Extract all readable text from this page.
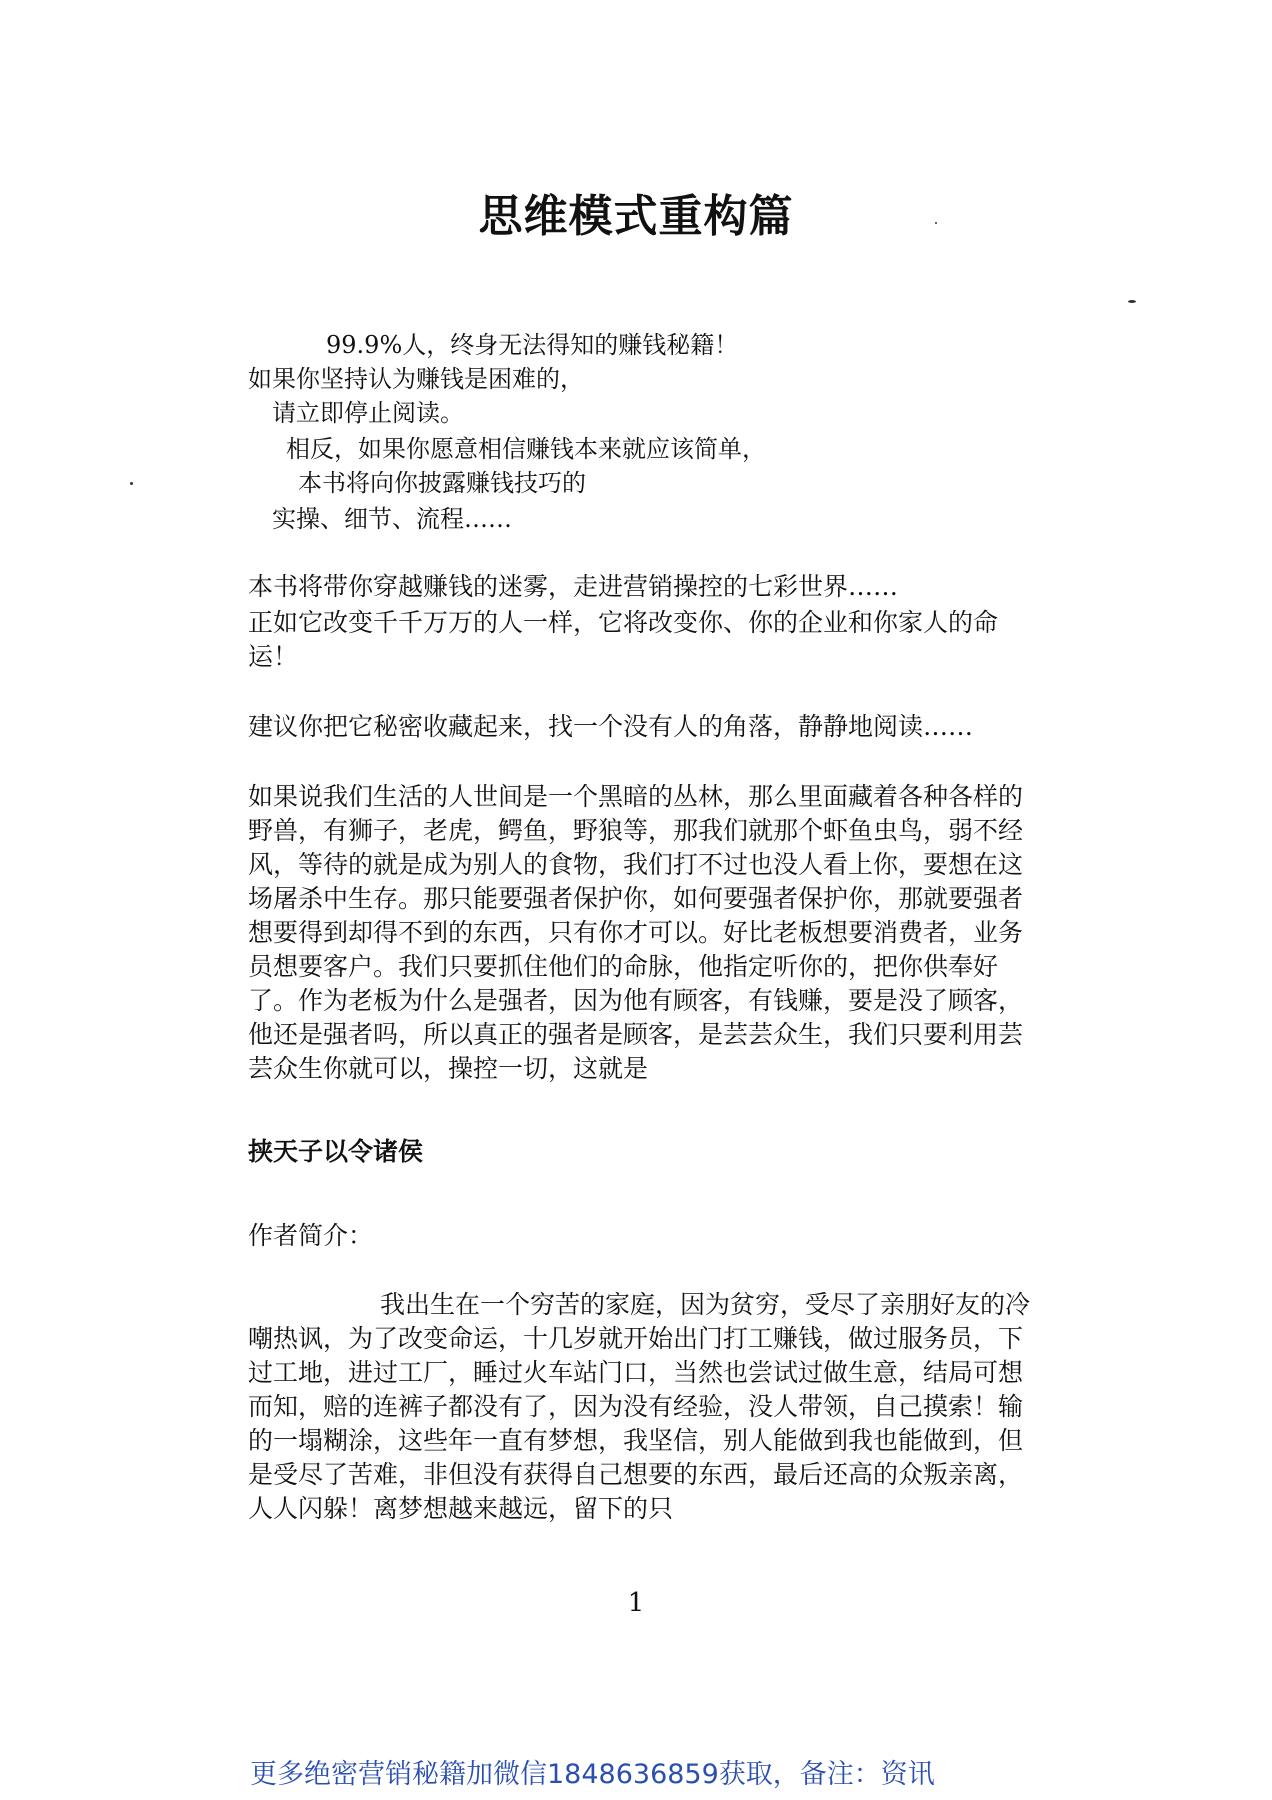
思维模式重构篇
99.9%人，终身无法得知的赚钱秘籍！
如果你坚持认为赚钱是困难的，
请立即停止阅读。
相反，如果你愿意相信赚钱本来就应该简单，
本书将向你披露赚钱技巧的
实操、细节、流程……

本书将带你穿越赚钱的迷雾，走进营销操控的七彩世界……

正如它改变千千万万的人一样，它将改变你、你的企业和你家人的命运！

建议你把它秘密收藏起来，找一个没有人的角落，静静地阅读……

如果说我们生活的人世间是一个黑暗的丛林，那么里面藏着各种各样的野兽，有狮子，老虎，鳄鱼，野狼等，那我们就那个虾鱼虫鸟，弱不经风，等待的就是成为别人的食物，我们打不过也没人看上你，要想在这场屠杀中生存。那只能要强者保护你，如何要强者保护你，那就要强者想要得到却得不到的东西，只有你才可以。好比老板想要消费者，业务员想要客户。我们只要抓住他们的命脉，他指定听你的，把你供奉好了。作为老板为什么是强者，因为他有顾客，有钱赚，要是没了顾客，他还是强者吗，所以真正的强者是顾客，是芸芸众生，我们只要利用芸芸众生你就可以，操控一切，这就是

挟天子以令诸侯
作者简介：

我出生在一个穷苦的家庭，因为贫穷，受尽了亲朋好友的冷嘲热讽，为了改变命运，十几岁就开始出门打工赚钱，做过服务员，下过工地，进过工厂，睡过火车站门口，当然也尝试过做生意，结局可想而知，赔的连裤子都没有了，因为没有经验，没人带领，自己摸索！输的一塌糊涂，这些年一直有梦想，我坚信，别人能做到我也能做到，但是受尽了苦难，非但没有获得自己想要的东西，最后还高的众叛亲离，人人闪躲！离梦想越来越远，留下的只

1
更多绝密营销秘籍加微信1848636859获取，备注：资讯
